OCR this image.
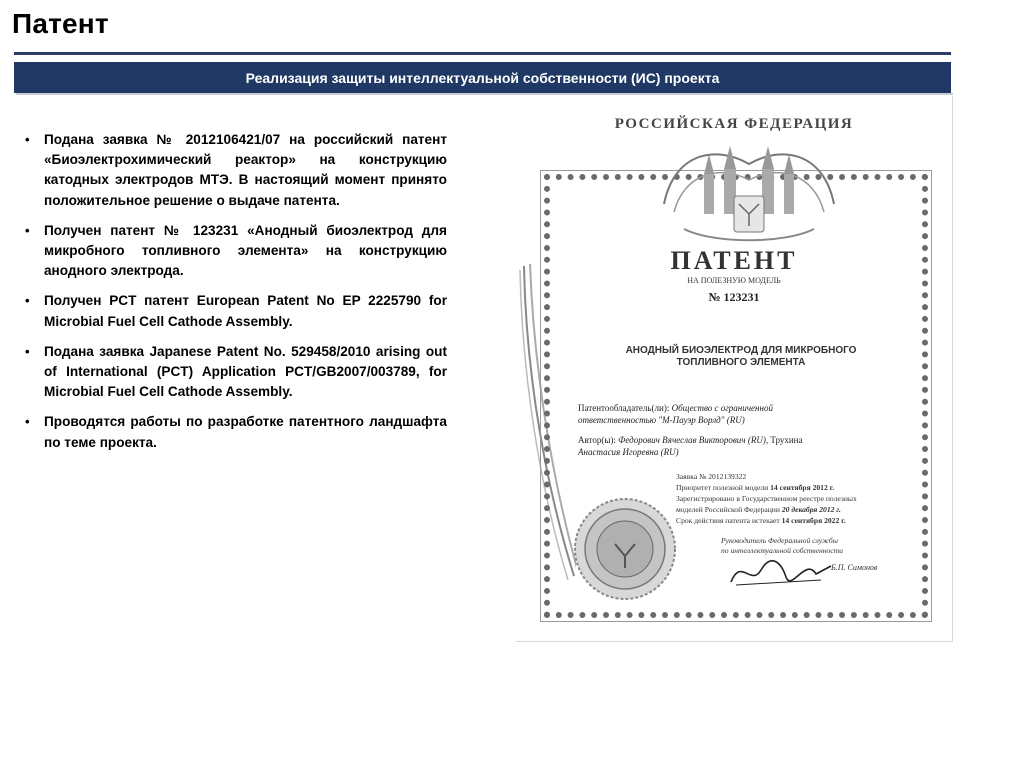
Патент
Реализация защиты интеллектуальной собственности (ИС) проекта
• Подана заявка № 2012106421/07 на российский патент «Биоэлектрохимический реактор» на конструкцию катодных электродов МТЭ. В настоящий момент принято положительное решение о выдаче патента.
• Получен патент № 123231 «Анодный биоэлектрод для микробного топливного элемента» на конструкцию анодного электрода.
• Получен PCT патент European Patent No EP 2225790 for Microbial Fuel Cell Cathode Assembly.
• Подана заявка Japanese Patent No. 529458/2010 arising out of International (PCT) Application PCT/GB2007/003789, for Microbial Fuel Cell Cathode Assembly.
• Проводятся работы по разработке патентного ландшафта по теме проекта.
РОССИЙСКАЯ ФЕДЕРАЦИЯ
ПАТЕНТ
НА ПОЛЕЗНУЮ МОДЕЛЬ
№ 123231
АНОДНЫЙ БИОЭЛЕКТРОД ДЛЯ МИКРОБНОГО
ТОПЛИВНОГО ЭЛЕМЕНТА
Патентообладатель(ли): Общество с ограниченной
ответственностью "М-Пауэр Ворлд" (RU)
Автор(ы): Федорович Вячеслав Викторович (RU), Трухина
Анастасия Игоревна (RU)
Заявка № 2012139322
Приоритет полезной модели 14 сентября 2012 г.
Зарегистрировано в Государственном реестре полезных
моделей Российской Федерации 20 декабря 2012 г.
Срок действия патента истекает 14 сентября 2022 г.
Руководитель Федеральной службы
по интеллектуальной собственности
Б.П. Симонов
